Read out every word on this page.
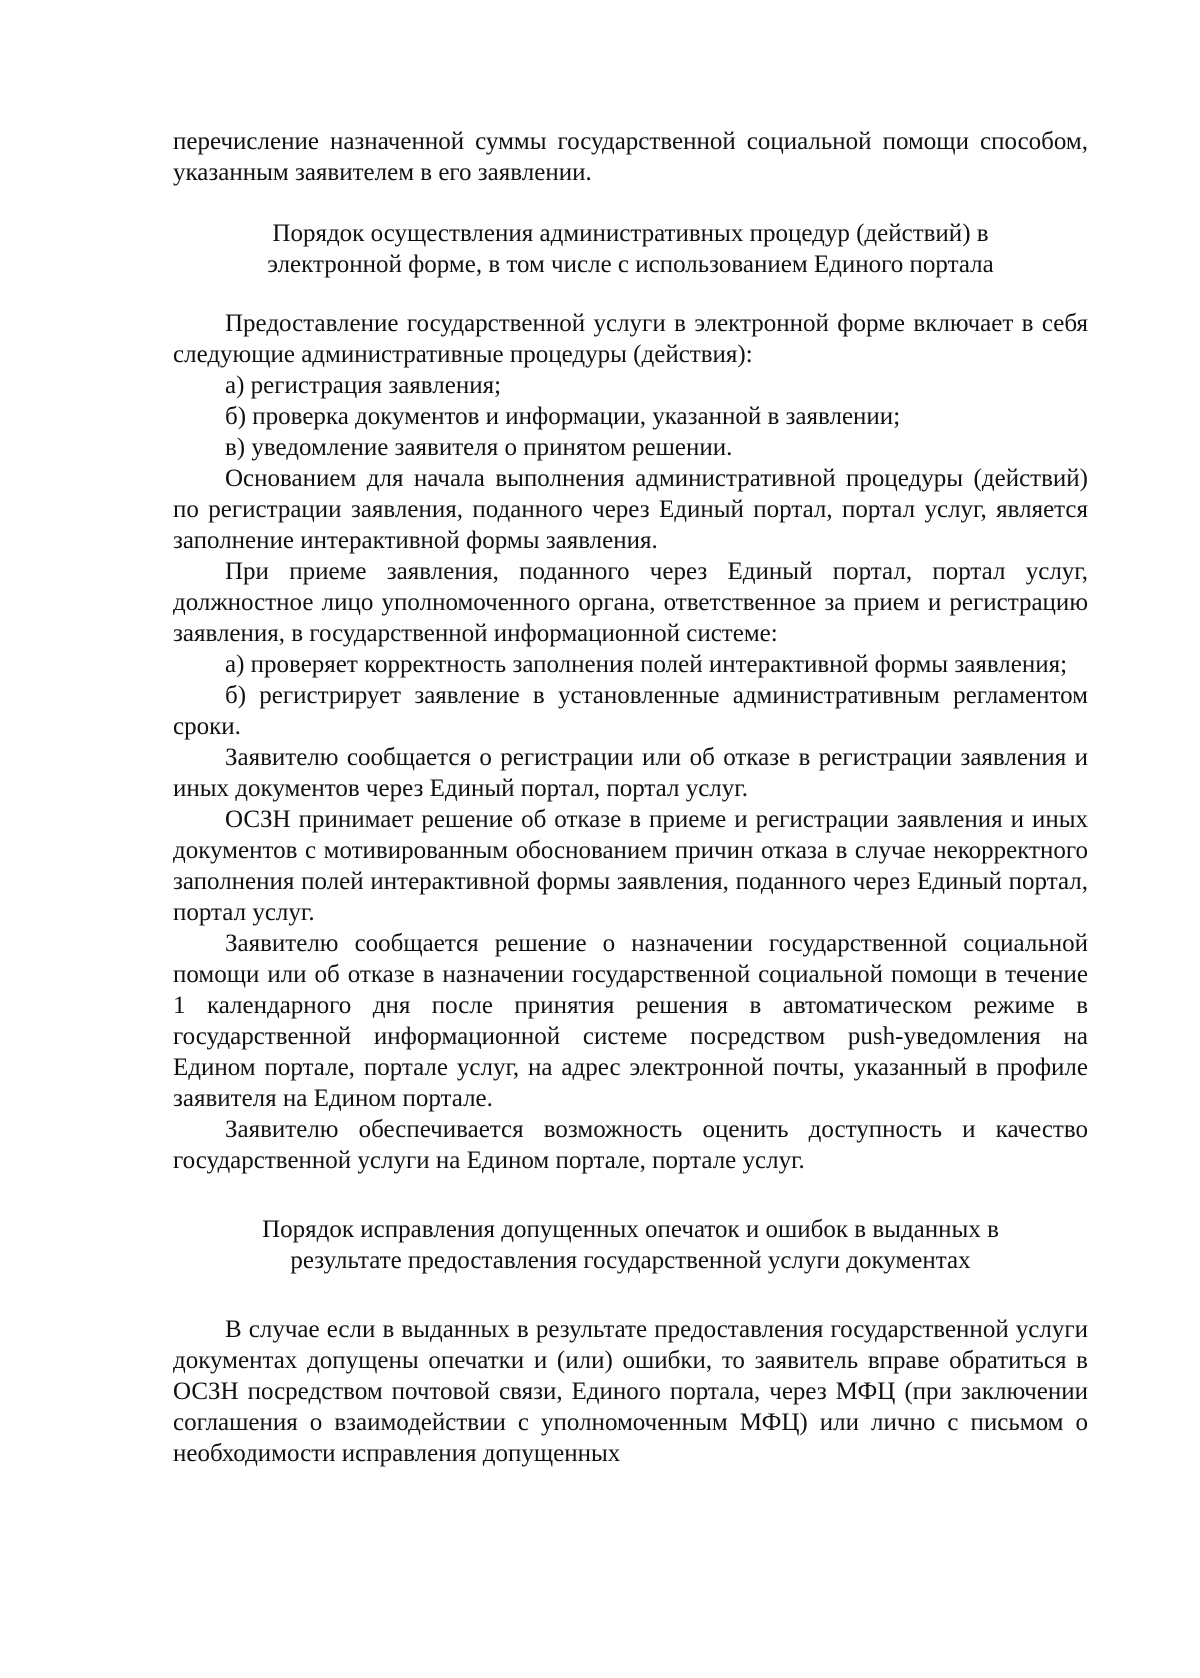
перечисление назначенной суммы государственной социальной помощи способом, указанным заявителем в его заявлении.

Порядок осуществления административных процедур (действий) в

электронной форме, в том числе с использованием Единого портала

Предоставление государственной услуги в электронной форме включает в себя следующие административные процедуры (действия):

а) регистрация заявления;

б) проверка документов и информации, указанной в заявлении;

в) уведомление заявителя о принятом решении.

Основанием для начала выполнения административной процедуры (действий) по регистрации заявления, поданного через Единый портал, портал услуг, является заполнение интерактивной формы заявления.

При приеме заявления, поданного через Единый портал, портал услуг, должностное лицо уполномоченного органа, ответственное за прием и регистрацию заявления, в государственной информационной системе:

а) проверяет корректность заполнения полей интерактивной формы заявления;

б) регистрирует заявление в установленные административным регламентом сроки.

Заявителю сообщается о регистрации или об отказе в регистрации заявления и иных документов через Единый портал, портал услуг.

ОСЗН принимает решение об отказе в приеме и регистрации заявления и иных документов с мотивированным обоснованием причин отказа в случае некорректного заполнения полей интерактивной формы заявления, поданного через Единый портал, портал услуг.

Заявителю сообщается решение о назначении государственной социальной помощи или об отказе в назначении государственной социальной помощи в течение 1 календарного дня после принятия решения в автоматическом режиме в государственной информационной системе посредством push-уведомления на Едином портале, портале услуг, на адрес электронной почты, указанный в профиле заявителя на Едином портале.

Заявителю обеспечивается возможность оценить доступность и качество государственной услуги на Едином портале, портале услуг.

Порядок исправления допущенных опечаток и ошибок в выданных в

результате предоставления государственной услуги документах

В случае если в выданных в результате предоставления государственной услуги документах допущены опечатки и (или) ошибки, то заявитель вправе обратиться в ОСЗН посредством почтовой связи, Единого портала, через МФЦ (при заключении соглашения о взаимодействии с уполномоченным МФЦ) или лично с письмом о необходимости исправления допущенных
